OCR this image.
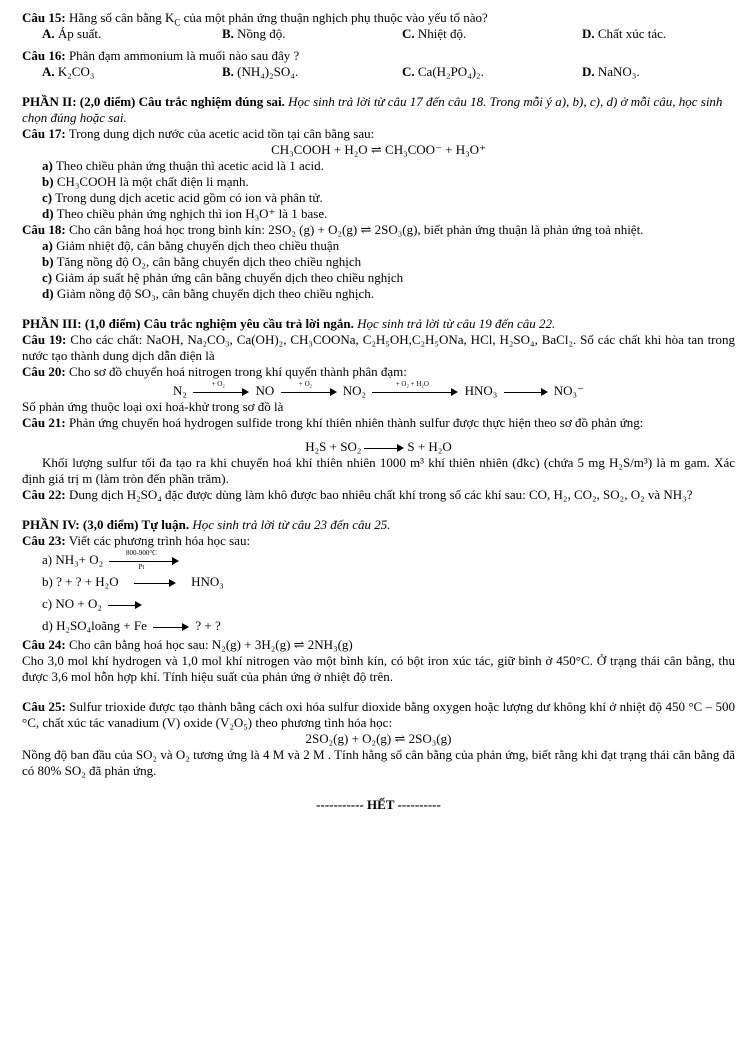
Câu 15: Hằng số cân bằng $K_C$ của một phản ứng thuận nghịch phụ thuộc vào yếu tố nào?
A. Áp suất.	B. Nồng độ.	C. Nhiệt độ.	D. Chất xúc tác.
Câu 16: Phân đạm ammonium là muối nào sau đây ?
A. K₂CO₃	B. (NH₄)₂SO₄.	C. Ca(H₂PO₄)₂.	D. NaNO₃.
PHẦN II: (2,0 điểm) Câu trắc nghiệm đúng sai. Học sinh trả lời từ câu 17 đến câu 18. Trong mỗi ý a), b), c), d) ở mỗi câu, học sinh chọn đúng hoặc sai.
Câu 17: Trong dung dịch nước của acetic acid tồn tại cân bằng sau:
CH₃COOH + H₂O ⇌ CH₃COO⁻ + H₃O⁺
a) Theo chiều phản ứng thuận thì acetic acid là 1 acid.
b) CH₃COOH là một chất điện li mạnh.
c) Trong dung dịch acetic acid gồm có ion và phân tử.
d) Theo chiều phản ứng nghịch thì ion H₃O⁺ là 1 base.
Câu 18: Cho cân bằng hoá học trong bình kín: 2SO₂ (g) + O₂(g) ⇌ 2SO₃(g), biết phản ứng thuận là phản ứng toả nhiệt.
a) Giảm nhiệt độ, cân bằng chuyển dịch theo chiều thuận
b) Tăng nồng độ O₂, cân bằng chuyển dịch theo chiều nghịch
c) Giảm áp suất hệ phản ứng cân bằng chuyển dịch theo chiều nghịch
d) Giảm nồng độ SO₃, cân bằng chuyển dịch theo chiều nghịch.
PHẦN III: (1,0 điểm) Câu trắc nghiệm yêu cầu trả lời ngắn. Học sinh trả lời từ câu 19 đến câu 22.
Câu 19: Cho các chất: NaOH, Na₂CO₃, Ca(OH)₂, CH₃COONa, C₂H₅OH,C₂H₅ONa, HCl, H₂SO₄, BaCl₂. Số các chất khi hòa tan trong nước tạo thành dung dịch dẫn điện là
Câu 20: Cho sơ đồ chuyển hoá nitrogen trong khí quyển thành phân đạm:
N₂	+ O₂	NO	+ O₂	NO₂	+ O₂ + H₂O	HNO₃	NO₃⁻
Số phản ứng thuộc loại oxi hoá-khử trong sơ đồ là
Câu 21: Phản ứng chuyển hoá hydrogen sulfide trong khí thiên nhiên thành sulfur được thực hiện theo sơ đồ phản ứng:
H₂S + SO₂	S + H₂O
Khối lượng sulfur tối đa tạo ra khi chuyển hoá khí thiên nhiên 1000 m³ khí thiên nhiên (đkc) (chứa 5 mg H₂S/m³) là m gam. Xác định giá trị m (làm tròn đến phần trăm).
Câu 22: Dung dịch H₂SO₄ đặc được dùng làm khô được bao nhiêu chất khí trong số các khí sau: CO, H₂, CO₂, SO₂, O₂ và NH₃?
PHẦN IV: (3,0 điểm) Tự luận. Học sinh trả lời từ câu 23 đến câu 25.
Câu 23: Viết các phương trình hóa học sau:
a) $NH_3+ O_2 \frac{800-900^\circ C}{Pt}$
b) ? + ? + H₂O	HNO₃
c) NO + O₂
d) H₂SO₄loãng + Fe	? + ?
Câu 24: Cho cân bằng hoá học sau: N₂(g) + 3H₂(g) ⇌ 2NH₃(g)
Cho 3,0 mol khí hydrogen và 1,0 mol khí nitrogen vào một bình kín, có bột iron xúc tác, giữ bình ở 450°C. Ở trạng thái cân bằng, thu được 3,6 mol hỗn hợp khí. Tính hiệu suất của phản ứng ở nhiệt độ trên.
Câu 25: Sulfur trioxide được tạo thành bằng cách oxi hóa sulfur dioxide bằng oxygen hoặc lượng dư không khí ở nhiệt độ 450 °C – 500 °C, chất xúc tác vanadium (V) oxide (V₂O₅) theo phương tình hóa học:
2SO₂(g) + O₂(g) ⇌ 2SO₃(g)
Nồng độ ban đầu của SO₂ và O₂ tương ứng là 4 M và 2 M . Tính hằng số cân bằng của phản ứng, biết rằng khi đạt trạng thái cân bằng đã có 80% SO₂ đã phản ứng.
----------- HẾT ----------
